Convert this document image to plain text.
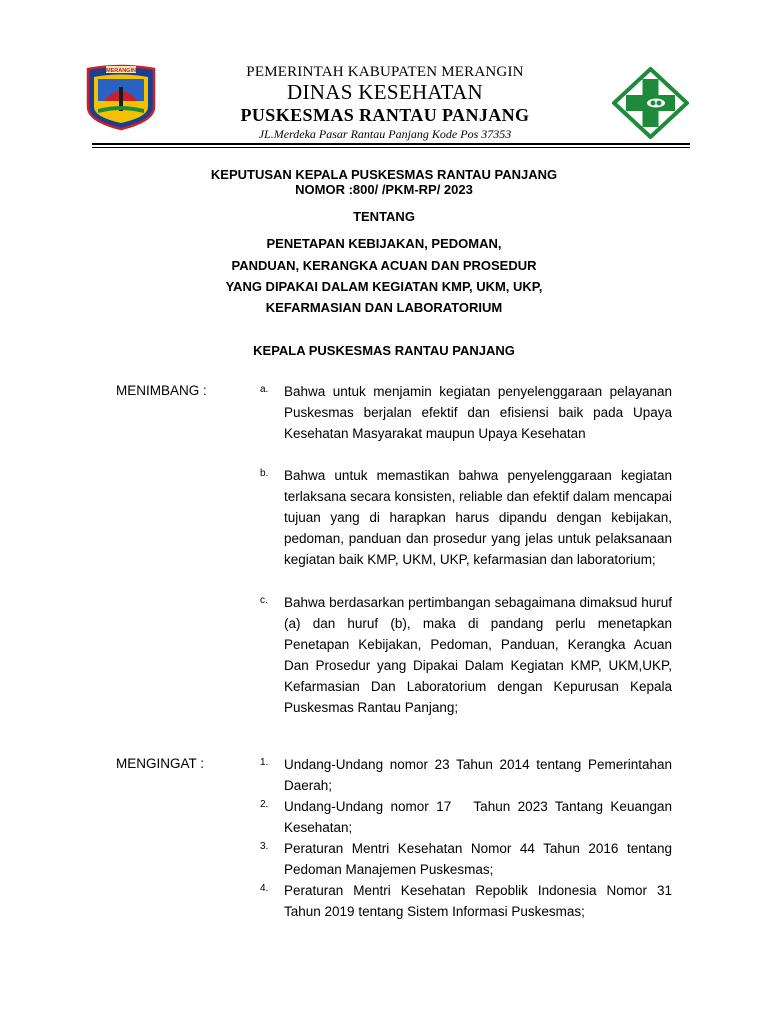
MERANGIN	PEMERINTAH KABUPATEN MERANGIN
DINAS KESEHATAN
PUSKESMAS RANTAU PANJANG
JL.Merdeka Pasar Rantau Panjang Kode Pos 37353
KEPUTUSAN KEPALA PUSKESMAS RANTAU PANJANG
NOMOR :800/ /PKM-RP/ 2023
TENTANG
PENETAPAN KEBIJAKAN, PEDOMAN,
PANDUAN, KERANGKA ACUAN DAN PROSEDUR
YANG DIPAKAI DALAM KEGIATAN KMP, UKM, UKP,
KEFARMASIAN DAN LABORATORIUM
KEPALA PUSKESMAS RANTAU PANJANG
MENIMBANG :	a.	Bahwa untuk menjamin kegiatan penyelenggaraan pelayanan Puskesmas berjalan efektif dan efisiensi baik pada Upaya Kesehatan Masyarakat maupun Upaya Kesehatan
b.	Bahwa untuk memastikan bahwa penyelenggaraan kegiatan terlaksana secara konsisten, reliable dan efektif dalam mencapai tujuan yang di harapkan harus dipandu dengan kebijakan, pedoman, panduan dan prosedur yang jelas untuk pelaksanaan kegiatan baik KMP, UKM, UKP, kefarmasian dan laboratorium;
c.	Bahwa berdasarkan pertimbangan sebagaimana dimaksud huruf (a) dan huruf (b), maka di pandang perlu menetapkan Penetapan Kebijakan, Pedoman, Panduan, Kerangka Acuan Dan Prosedur yang Dipakai Dalam Kegiatan KMP, UKM,UKP, Kefarmasian Dan Laboratorium dengan Kepurusan Kepala Puskesmas Rantau Panjang;
MENGINGAT :	1.	Undang-Undang nomor 23 Tahun 2014 tentang Pemerintahan Daerah;
2.	Undang-Undang nomor 17   Tahun 2023 Tantang Keuangan Kesehatan;
3.	Peraturan Mentri Kesehatan Nomor 44 Tahun 2016 tentang Pedoman Manajemen Puskesmas;
4.	Peraturan Mentri Kesehatan Repoblik Indonesia Nomor 31 Tahun 2019 tentang Sistem Informasi Puskesmas;
